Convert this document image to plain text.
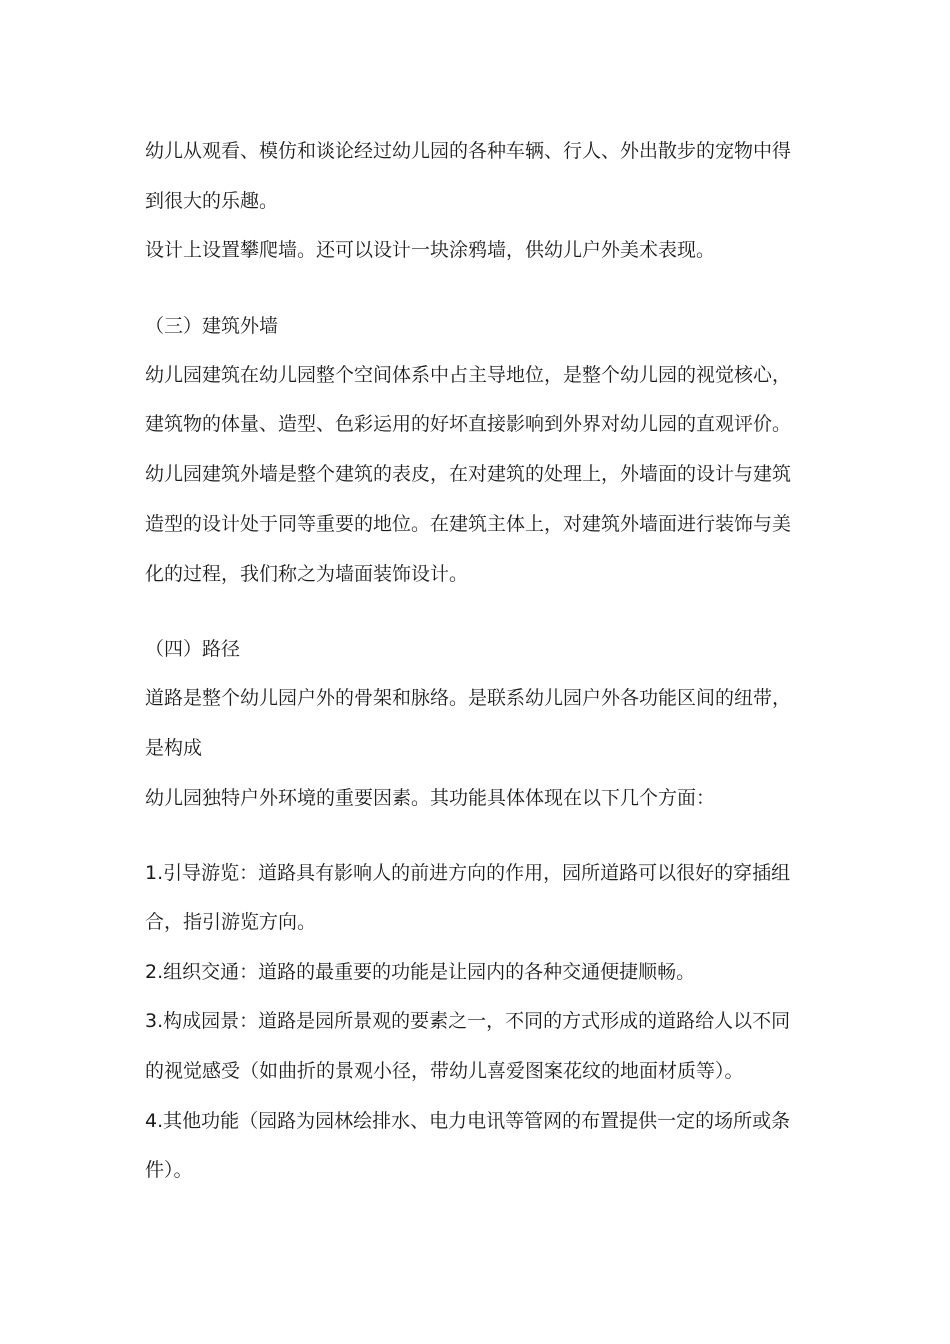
幼儿从观看、模仿和谈论经过幼儿园的各种车辆、行人、外出散步的宠物中得
到很大的乐趣。
设计上设置攀爬墙。还可以设计一块涂鸦墙，供幼儿户外美术表现。
（三）建筑外墙
幼儿园建筑在幼儿园整个空间体系中占主导地位，是整个幼儿园的视觉核心，
建筑物的体量、造型、色彩运用的好坏直接影响到外界对幼儿园的直观评价。
幼儿园建筑外墙是整个建筑的表皮，在对建筑的处理上，外墙面的设计与建筑
造型的设计处于同等重要的地位。在建筑主体上，对建筑外墙面进行装饰与美
化的过程，我们称之为墙面装饰设计。
（四）路径
道路是整个幼儿园户外的骨架和脉络。是联系幼儿园户外各功能区间的纽带，
是构成
幼儿园独特户外环境的重要因素。其功能具体体现在以下几个方面：
1.引导游览：道路具有影响人的前进方向的作用，园所道路可以很好的穿插组
合，指引游览方向。
2.组织交通：道路的最重要的功能是让园内的各种交通便捷顺畅。
3.构成园景：道路是园所景观的要素之一，不同的方式形成的道路给人以不同
的视觉感受（如曲折的景观小径，带幼儿喜爱图案花纹的地面材质等）。
4.其他功能（园路为园林绘排水、电力电讯等管网的布置提供一定的场所或条
件）。
